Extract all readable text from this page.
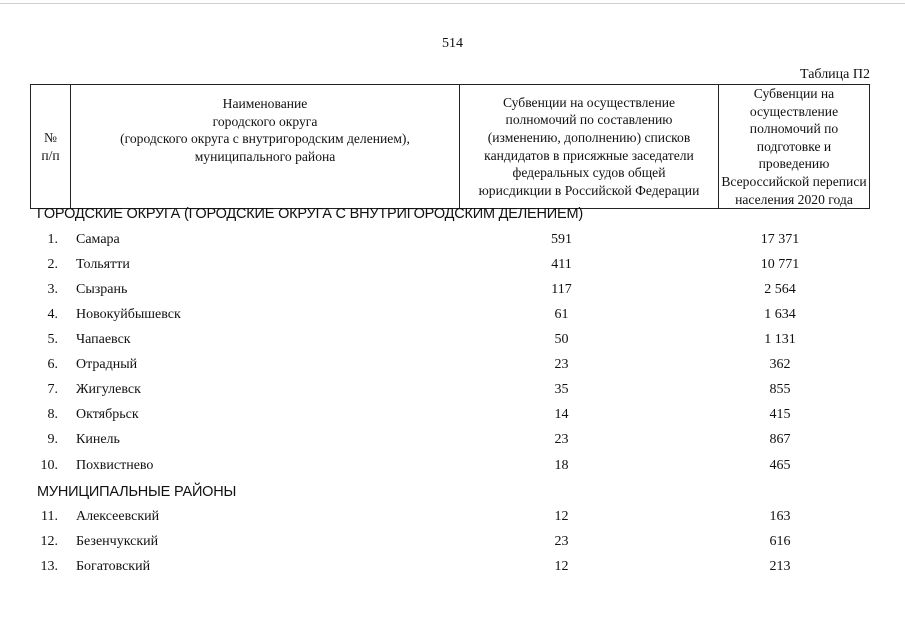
514
Таблица П2
№
п/п

Наименование
городского округа
(городского округа с внутригородским делением),
муниципального района

Субвенции на осуществление
полномочий по составлению
(изменению, дополнению) списков
кандидатов в присяжные заседатели
федеральных судов общей
юрисдикции в Российской Федерации

Субвенции на
осуществление
полномочий по
подготовке и
проведению
Всероссийской переписи
населения 2020 года
ГОРОДСКИЕ ОКРУГА (ГОРОДСКИЕ ОКРУГА С ВНУТРИГОРОДСКИМ ДЕЛЕНИЕМ)
1. Самара	591	17 371
2. Тольятти	411	10 771
3. Сызрань	117	2 564
4. Новокуйбышевск	61	1 634
5. Чапаевск	50	1 131
6. Отрадный	23	362
7. Жигулевск	35	855
8. Октябрьск	14	415
9. Кинель	23	867
10. Похвистнево	18	465
МУНИЦИПАЛЬНЫЕ РАЙОНЫ
11. Алексеевский	12	163
12. Безенчукский	23	616
13. Богатовский	12	213
